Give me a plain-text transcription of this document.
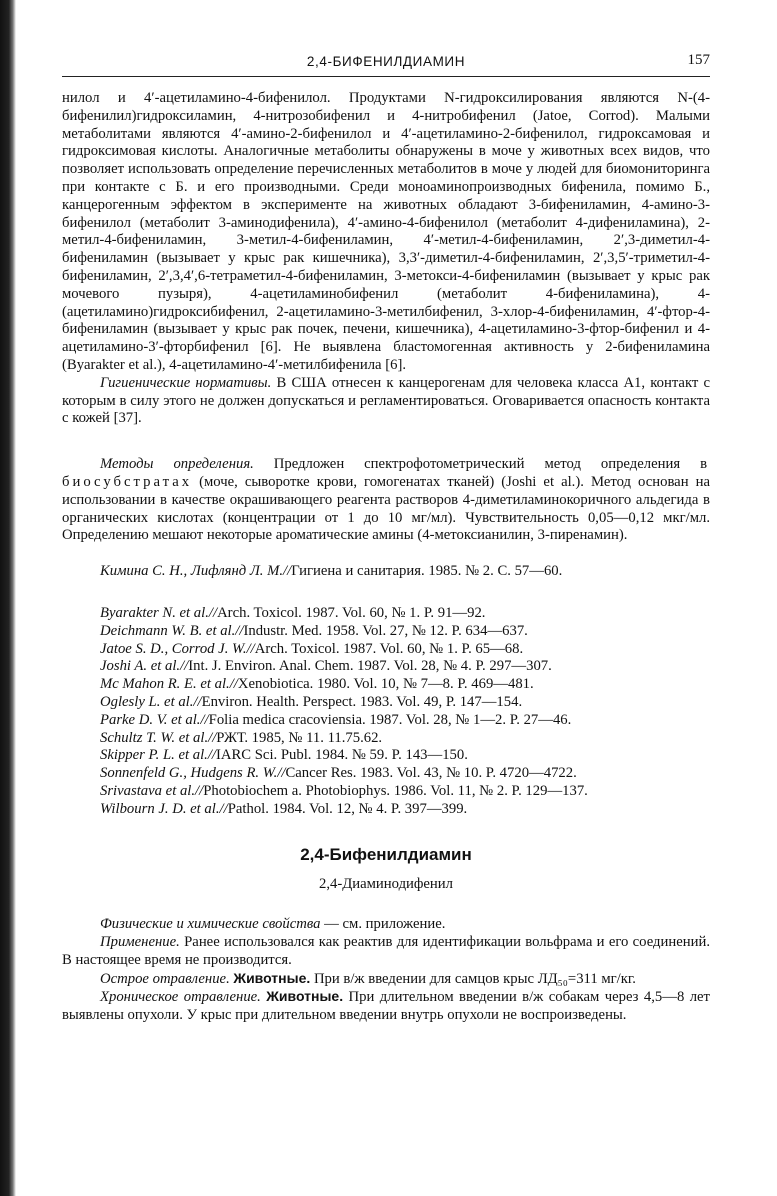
2,4-БИФЕНИЛДИАМИН	157

нилол и 4′-ацетиламино-4-бифенилол. Продуктами N-гидроксилирования являются N-(4-бифенилил)гидроксиламин, 4-нитрозобифенил и 4-нитробифенил (Jatoe, Corrod). Малыми метаболитами являются 4′-амино-2-бифенилол и 4′-ацетиламино-2-бифенилол, гидроксамовая и гидроксимовая кислоты. Аналогичные метаболиты обнаружены в моче у животных всех видов, что позволяет использовать определение перечисленных метаболитов в моче у людей для биомониторинга при контакте с Б. и его производными. Среди моноаминопроизводных бифенила, помимо Б., канцерогенным эффектом в эксперименте на животных обладают 3-бифениламин, 4-амино-3-бифенилол (метаболит 3-аминодифенила), 4′-амино-4-бифенилол (метаболит 4-дифениламина), 2-метил-4-бифениламин, 3-метил-4-бифениламин, 4′-метил-4-бифениламин, 2′,3-диметил-4-бифениламин (вызывает у крыс рак кишечника), 3,3′-диметил-4-бифениламин, 2′,3,5′-триметил-4-бифениламин, 2′,3,4′,6-тетраметил-4-бифениламин, 3-метокси-4-бифениламин (вызывает у крыс рак мочевого пузыря), 4-ацетиламинобифенил (метаболит 4-бифениламина), 4-(ацетиламино)гидроксибифенил, 2-ацетиламино-3-метилбифенил, 3-хлор-4-бифениламин, 4′-фтор-4-бифениламин (вызывает у крыс рак почек, печени, кишечника), 4-ацетиламино-3-фтор-бифенил и 4-ацетиламино-3′-фторбифенил [6]. Не выявлена бластомогенная активность у 2-бифениламина (Byarakter et al.), 4-ацетиламино-4′-метилбифенила [6].

Гигиенические нормативы. В США отнесен к канцерогенам для человека класса A1, контакт с которым в силу этого не должен допускаться и регламентироваться. Оговаривается опасность контакта с кожей [37].

Методы определения. Предложен спектрофотометрический метод определения в биосубстратах (моче, сыворотке крови, гомогенатах тканей) (Joshi et al.). Метод основан на использовании в качестве окрашивающего реагента растворов 4-диметиламинокоричного альдегида в органических кислотах (концентрации от 1 до 10 мг/мл). Чувствительность 0,05—0,12 мкг/мл. Определению мешают некоторые ароматические амины (4-метоксианилин, 3-пиренамин).

Кимина С. Н., Лифлянд Л. М.//Гигиена и санитария. 1985. № 2. С. 57—60.

Byarakter N. et al.//Arch. Toxicol. 1987. Vol. 60, № 1. P. 91—92.

Deichmann W. B. et al.//Industr. Med. 1958. Vol. 27, № 12. P. 634—637.

Jatoe S. D., Corrod J. W.//Arch. Toxicol. 1987. Vol. 60, № 1. P. 65—68.

Joshi A. et al.//Int. J. Environ. Anal. Chem. 1987. Vol. 28, № 4. P. 297—307.

Mc Mahon R. E. et al.//Xenobiotica. 1980. Vol. 10, № 7—8. P. 469—481.

Oglesly L. et al.//Environ. Health. Perspect. 1983. Vol. 49, P. 147—154.

Parke D. V. et al.//Folia medica cracoviensia. 1987. Vol. 28, № 1—2. P. 27—46.

Schultz T. W. et al.//РЖТ. 1985, № 11. 11.75.62.

Skipper P. L. et al.//IARC Sci. Publ. 1984. № 59. P. 143—150.

Sonnenfeld G., Hudgens R. W.//Cancer Res. 1983. Vol. 43, № 10. P. 4720—4722.

Srivastava et al.//Photobiochem a. Photobiophys. 1986. Vol. 11, № 2. P. 129—137.

Wilbourn J. D. et al.//Pathol. 1984. Vol. 12, № 4. P. 397—399.

2,4-Бифенилдиамин
2,4-Диаминодифенил

Физические и химические свойства — см. приложение.

Применение. Ранее использовался как реактив для идентификации вольфрама и его соединений. В настоящее время не производится.

Острое отравление. Животные. При в/ж введении для самцов крыс ЛД₅₀=311 мг/кг.

Хроническое отравление. Животные. При длительном введении в/ж собакам через 4,5—8 лет выявлены опухоли. У крыс при длительном введении внутрь опухоли не воспроизведены.
